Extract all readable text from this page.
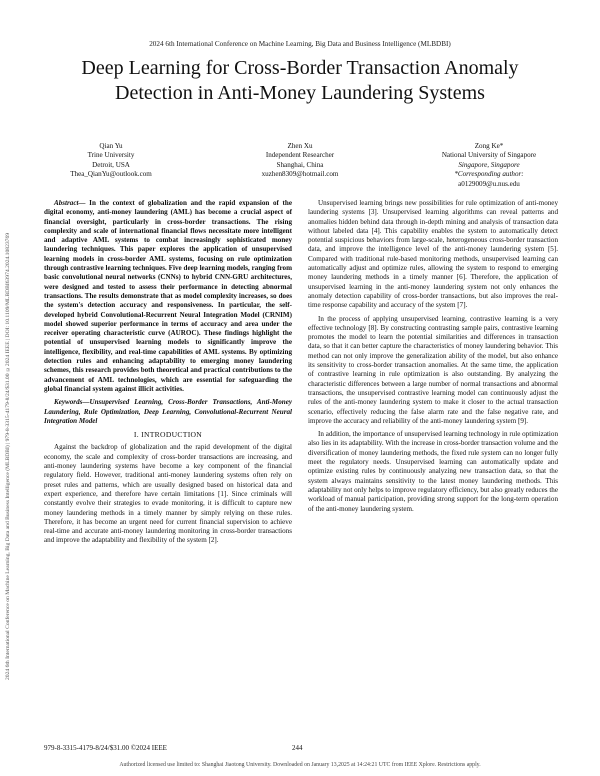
2024 6th International Conference on Machine Learning, Big Data and Business Intelligence (MLBDBI)
Deep Learning for Cross-Border Transaction Anomaly Detection in Anti-Money Laundering Systems
2024 6th International Conference on Machine Learning, Big Data and Business Intelligence (MLBDBI) | 979-8-3315-4179-8/24/$31.00 ©2024 IEEE | DOI: 10.1109/MLBDBI63974.2024.10823769
Qian Yu
Trine University
Detroit, USA
Thea_QianYu@outlook.com
Zhen Xu
Independent Researcher
Shanghai, China
xuzhen8309@hotmail.com
Zong Ke*
National University of Singapore
Singapore, Singapore
*Corresponding author:
a0129009@u.nus.edu

Abstract— In the context of globalization and the rapid expansion of the digital economy, anti-money laundering (AML) has become a crucial aspect of financial oversight, particularly in cross-border transactions. The rising complexity and scale of international financial flows necessitate more intelligent and adaptive AML systems to combat increasingly sophisticated money laundering techniques. This paper explores the application of unsupervised learning models in cross-border AML systems, focusing on rule optimization through contrastive learning techniques. Five deep learning models, ranging from basic convolutional neural networks (CNNs) to hybrid CNN-GRU architectures, were designed and tested to assess their performance in detecting abnormal transactions. The results demonstrate that as model complexity increases, so does the system's detection accuracy and responsiveness. In particular, the self-developed hybrid Convolutional-Recurrent Neural Integration Model (CRNIM) model showed superior performance in terms of accuracy and area under the receiver operating characteristic curve (AUROC). These findings highlight the potential of unsupervised learning models to significantly improve the intelligence, flexibility, and real-time capabilities of AML systems. By optimizing detection rules and enhancing adaptability to emerging money laundering schemes, this research provides both theoretical and practical contributions to the advancement of AML technologies, which are essential for safeguarding the global financial system against illicit activities.

Keywords—Unsupervised Learning, Cross-Border Transactions, Anti-Money Laundering, Rule Optimization, Deep Learning, Convolutional-Recurrent Neural Integration Model

I. INTRODUCTION

Against the backdrop of globalization and the rapid development of the digital economy, the scale and complexity of cross-border transactions are increasing, and anti-money laundering systems have become a key component of the financial regulatory field. However, traditional anti-money laundering systems often rely on preset rules and patterns, which are usually designed based on historical data and expert experience, and therefore have certain limitations [1]. Since criminals will constantly evolve their strategies to evade monitoring, it is difficult to capture new money laundering methods in a timely manner by simply relying on these rules. Therefore, it has become an urgent need for current financial supervision to achieve real-time and accurate anti-money laundering monitoring in cross-border transactions and improve the adaptability and flexibility of the system [2].

Unsupervised learning brings new possibilities for rule optimization of anti-money laundering systems [3]. Unsupervised learning algorithms can reveal patterns and anomalies hidden behind data through in-depth mining and analysis of transaction data without labeled data [4]. This capability enables the system to automatically detect potential suspicious behaviors from large-scale, heterogeneous cross-border transaction data, and improve the intelligence level of the anti-money laundering system [5]. Compared with traditional rule-based monitoring methods, unsupervised learning can automatically adjust and optimize rules, allowing the system to respond to emerging money laundering methods in a timely manner [6]. Therefore, the application of unsupervised learning in the anti-money laundering system not only enhances the anomaly detection capability of cross-border transactions, but also improves the real-time response capability and accuracy of the system [7].

In the process of applying unsupervised learning, contrastive learning is a very effective technology [8]. By constructing contrasting sample pairs, contrastive learning promotes the model to learn the potential similarities and differences in transaction data, so that it can better capture the characteristics of money laundering behavior. This method can not only improve the generalization ability of the model, but also enhance its sensitivity to cross-border transaction anomalies. At the same time, the application of contrastive learning in rule optimization is also outstanding. By analyzing the characteristic differences between a large number of normal transactions and abnormal transactions, the unsupervised contrastive learning model can continuously adjust the rules of the anti-money laundering system to make it closer to the actual transaction scenario, effectively reducing the false alarm rate and the false negative rate, and improve the accuracy and reliability of the anti-money laundering system [9].

In addition, the importance of unsupervised learning technology in rule optimization also lies in its adaptability. With the increase in cross-border transaction volume and the diversification of money laundering methods, the fixed rule system can no longer fully meet the regulatory needs. Unsupervised learning can automatically update and optimize existing rules by continuously analyzing new transaction data, so that the system always maintains sensitivity to the latest money laundering methods. This adaptability not only helps to improve regulatory efficiency, but also greatly reduces the workload of manual participation, providing strong support for the long-term operation of the anti-money laundering system.

979-8-3315-4179-8/24/$31.00 ©2024 IEEE	244
Authorized licensed use limited to: Shanghai Jiaotong University. Downloaded on January 13,2025 at 14:24:21 UTC from IEEE Xplore. Restrictions apply.
